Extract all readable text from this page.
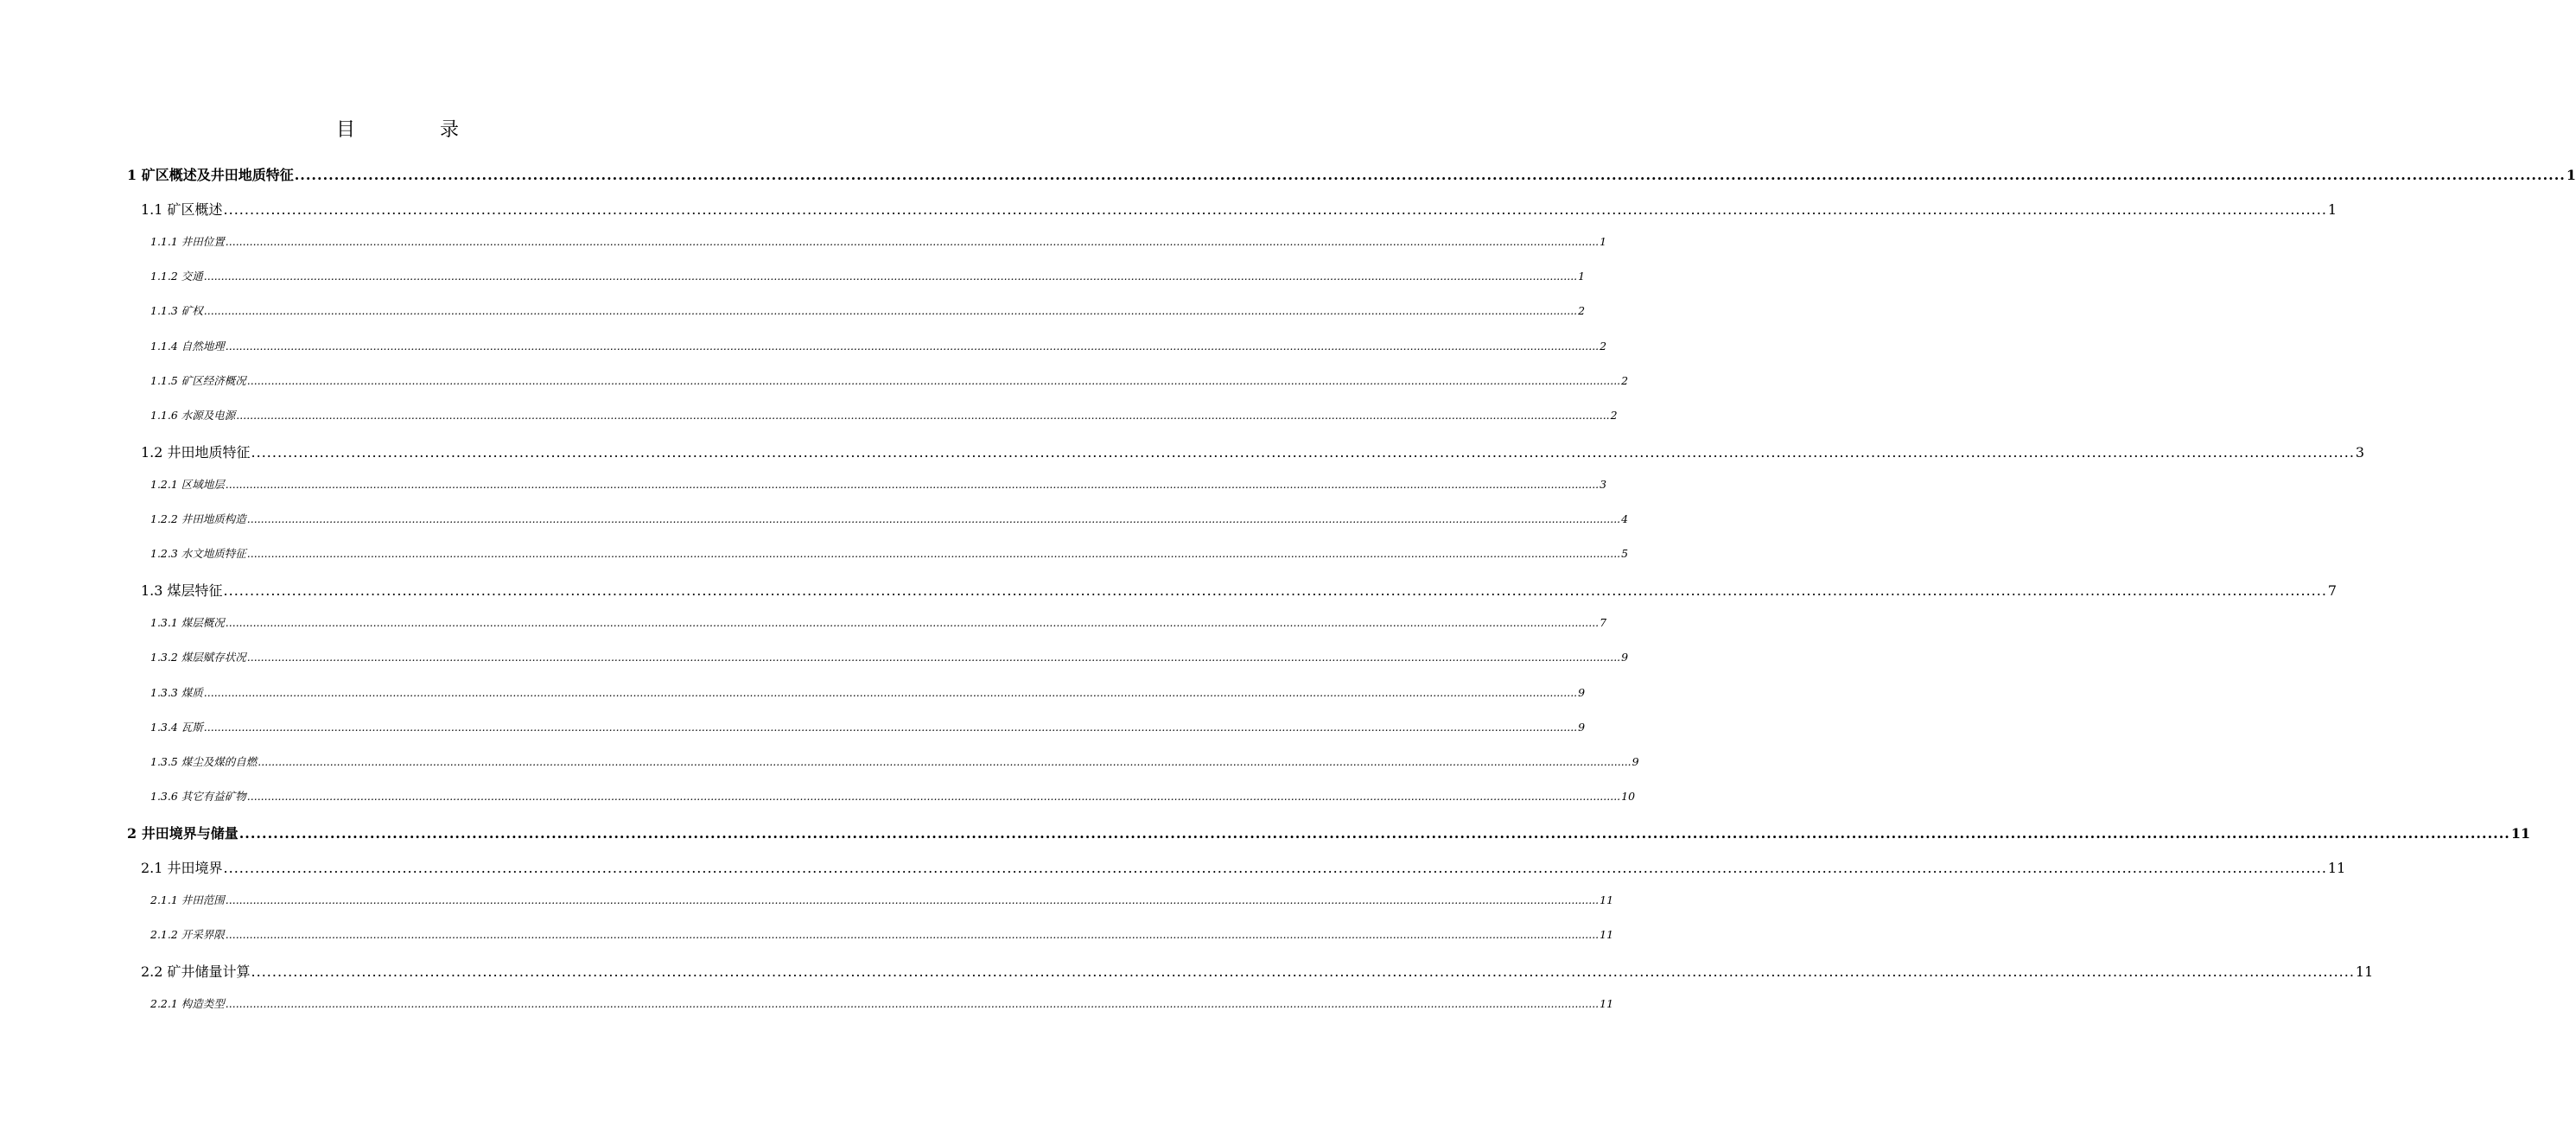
目　录
1 矿区概述及井田地质特征 ................................................................................................................................................................................................................................................................................................................................................................................................................ 1
1.1 矿区概述 ................................................................................................................................................................................................................................................................................................................................................................................................................ 1
1.1.1 井田位置 ................................................................................................................................................................................................................................................................................................................................................................................................................ 1
1.1.2 交通 ................................................................................................................................................................................................................................................................................................................................................................................................................ 1
1.1.3 矿权 ................................................................................................................................................................................................................................................................................................................................................................................................................ 2
1.1.4 自然地理 ................................................................................................................................................................................................................................................................................................................................................................................................................ 2
1.1.5 矿区经济概况 ................................................................................................................................................................................................................................................................................................................................................................................................................ 2
1.1.6 水源及电源 ................................................................................................................................................................................................................................................................................................................................................................................................................ 2
1.2 井田地质特征 ................................................................................................................................................................................................................................................................................................................................................................................................................ 3
1.2.1 区域地层 ................................................................................................................................................................................................................................................................................................................................................................................................................ 3
1.2.2 井田地质构造 ................................................................................................................................................................................................................................................................................................................................................................................................................ 4
1.2.3 水文地质特征 ................................................................................................................................................................................................................................................................................................................................................................................................................ 5
1.3 煤层特征 ................................................................................................................................................................................................................................................................................................................................................................................................................ 7
1.3.1 煤层概况 ................................................................................................................................................................................................................................................................................................................................................................................................................ 7
1.3.2 煤层赋存状况 ................................................................................................................................................................................................................................................................................................................................................................................................................ 9
1.3.3 煤质 ................................................................................................................................................................................................................................................................................................................................................................................................................ 9
1.3.4 瓦斯 ................................................................................................................................................................................................................................................................................................................................................................................................................ 9
1.3.5 煤尘及煤的自燃 ................................................................................................................................................................................................................................................................................................................................................................................................................ 9
1.3.6 其它有益矿物 ................................................................................................................................................................................................................................................................................................................................................................................................................ 10
2 井田境界与储量 ................................................................................................................................................................................................................................................................................................................................................................................................................ 11
2.1 井田境界 ................................................................................................................................................................................................................................................................................................................................................................................................................ 11
2.1.1 井田范围 ................................................................................................................................................................................................................................................................................................................................................................................................................ 11
2.1.2 开采界限 ................................................................................................................................................................................................................................................................................................................................................................................................................ 11
2.2 矿井储量计算 ................................................................................................................................................................................................................................................................................................................................................................................................................ 11
2.2.1 构造类型 ................................................................................................................................................................................................................................................................................................................................................................................................................ 11
